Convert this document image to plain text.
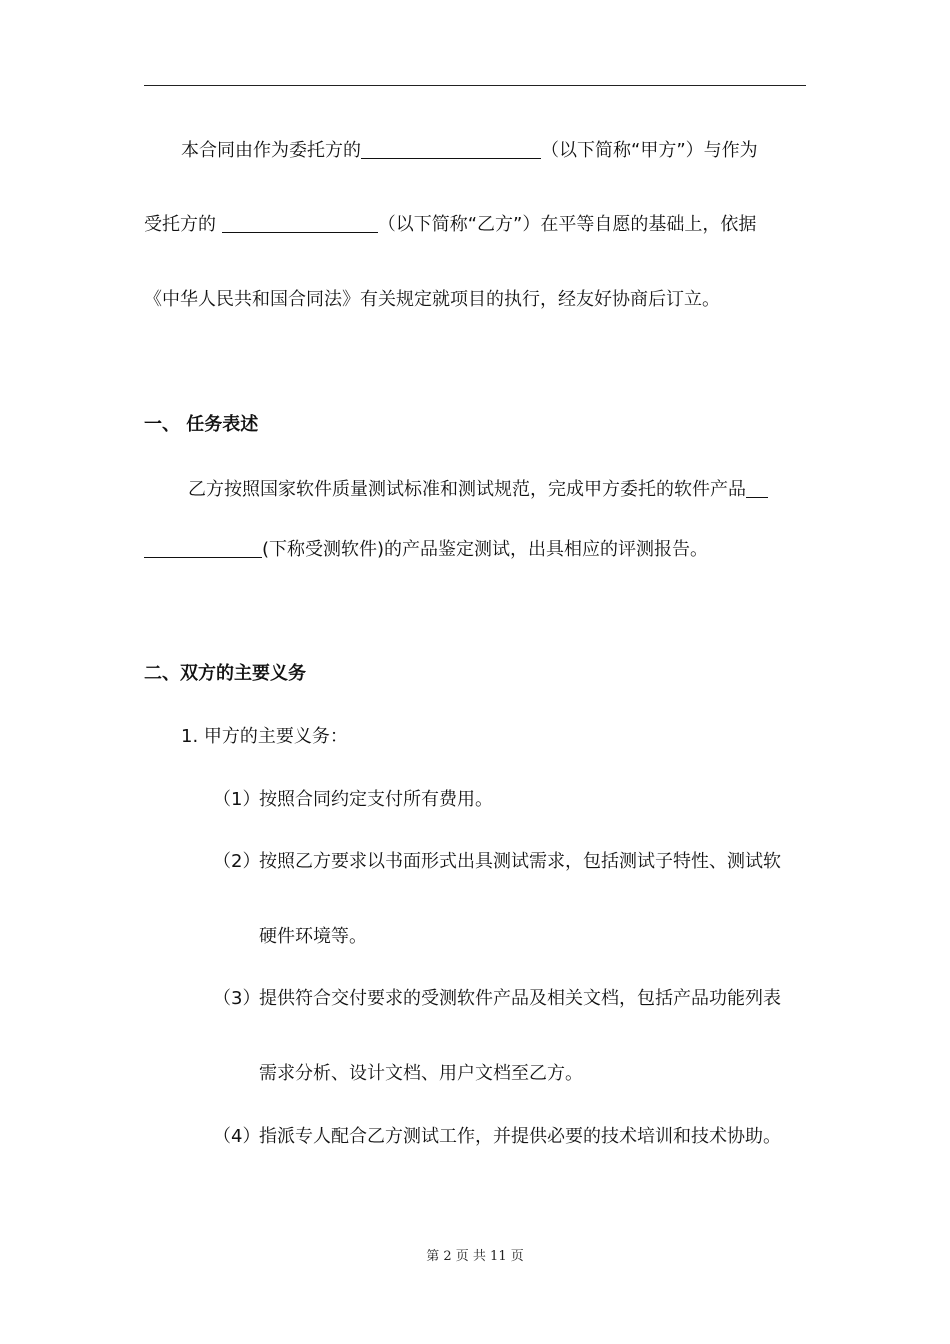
本合同由作为委托方的	（以下简称“甲方”）与作为
受托方的	（以下简称“乙方”）在平等自愿的基础上，依据
《中华人民共和国合同法》有关规定就项目的执行，经友好协商后订立。
一、 任务表述
乙方按照国家软件质量测试标准和测试规范，完成甲方委托的软件产品
(下称受测软件)的产品鉴定测试，出具相应的评测报告。
二、双方的主要义务
1. 甲方的主要义务：
（1）
按照合同约定支付所有费用。
（2）
按照乙方要求以书面形式出具测试需求，包括测试子特性、测试软
硬件环境等。
（3）
提供符合交付要求的受测软件产品及相关文档，包括产品功能列表
需求分析、设计文档、用户文档至乙方。
（4）
指派专人配合乙方测试工作，并提供必要的技术培训和技术协助。
第 2 页 共 11 页
